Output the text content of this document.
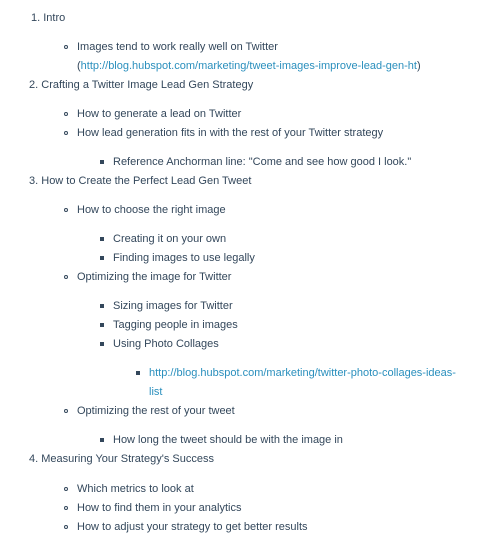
1. Intro
Images tend to work really well on Twitter
(http://blog.hubspot.com/marketing/tweet-images-improve-lead-gen-ht)
2. Crafting a Twitter Image Lead Gen Strategy
How to generate a lead on Twitter
How lead generation fits in with the rest of your Twitter strategy
Reference Anchorman line: "Come and see how good I look."
3. How to Create the Perfect Lead Gen Tweet
How to choose the right image
Creating it on your own
Finding images to use legally
Optimizing the image for Twitter
Sizing images for Twitter
Tagging people in images
Using Photo Collages
http://blog.hubspot.com/marketing/twitter-photo-collages-ideas-
list
Optimizing the rest of your tweet
How long the tweet should be with the image in
4. Measuring Your Strategy's Success
Which metrics to look at
How to find them in your analytics
How to adjust your strategy to get better results
